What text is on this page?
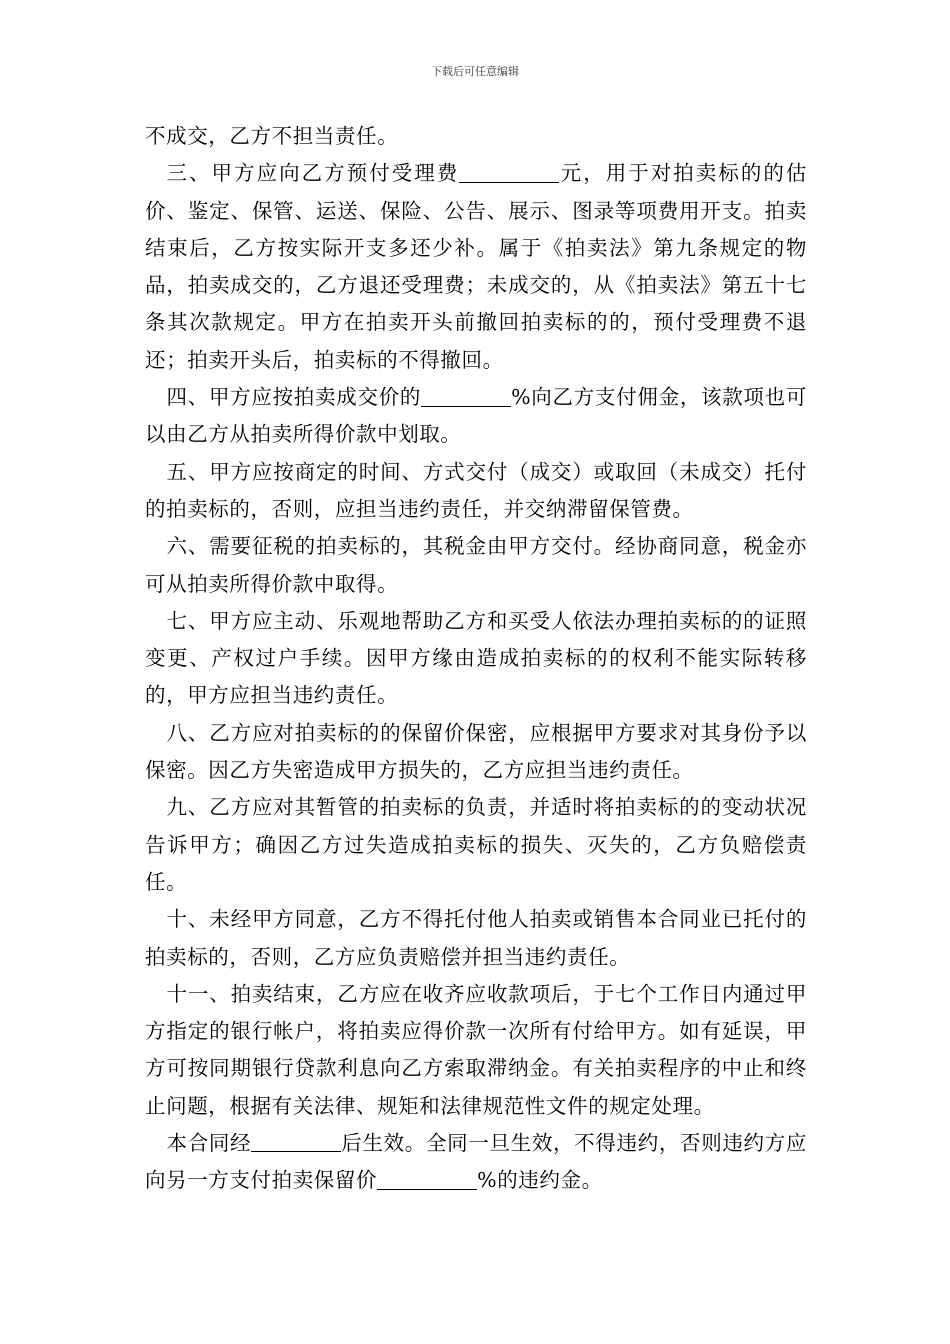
下载后可任意编辑

不成交，乙方不担当责任。

三、甲方应向乙方预付受理费	元，用于对拍卖标的的估价、鉴定、保管、运送、保险、公告、展示、图录等项费用开支。拍卖结束后，乙方按实际开支多还少补。属于《拍卖法》第九条规定的物品，拍卖成交的，乙方退还受理费；未成交的，从《拍卖法》第五十七条其次款规定。甲方在拍卖开头前撤回拍卖标的的，预付受理费不退还；拍卖开头后，拍卖标的不得撤回。

四、甲方应按拍卖成交价的	%向乙方支付佣金，该款项也可以由乙方从拍卖所得价款中划取。

五、甲方应按商定的时间、方式交付（成交）或取回（未成交）托付的拍卖标的，否则，应担当违约责任，并交纳滞留保管费。

六、需要征税的拍卖标的，其税金由甲方交付。经协商同意，税金亦可从拍卖所得价款中取得。

七、甲方应主动、乐观地帮助乙方和买受人依法办理拍卖标的的证照变更、产权过户手续。因甲方缘由造成拍卖标的的权利不能实际转移的，甲方应担当违约责任。

八、乙方应对拍卖标的的保留价保密，应根据甲方要求对其身份予以保密。因乙方失密造成甲方损失的，乙方应担当违约责任。

九、乙方应对其暂管的拍卖标的负责，并适时将拍卖标的的变动状况告诉甲方；确因乙方过失造成拍卖标的损失、灭失的，乙方负赔偿责任。

十、未经甲方同意，乙方不得托付他人拍卖或销售本合同业已托付的拍卖标的，否则，乙方应负责赔偿并担当违约责任。

十一、拍卖结束，乙方应在收齐应收款项后，于七个工作日内通过甲方指定的银行帐户，将拍卖应得价款一次所有付给甲方。如有延误，甲方可按同期银行贷款利息向乙方索取滞纳金。有关拍卖程序的中止和终止问题，根据有关法律、规矩和法律规范性文件的规定处理。

本合同经	后生效。全同一旦生效，不得违约，否则违约方应向另一方支付拍卖保留价	%的违约金。
